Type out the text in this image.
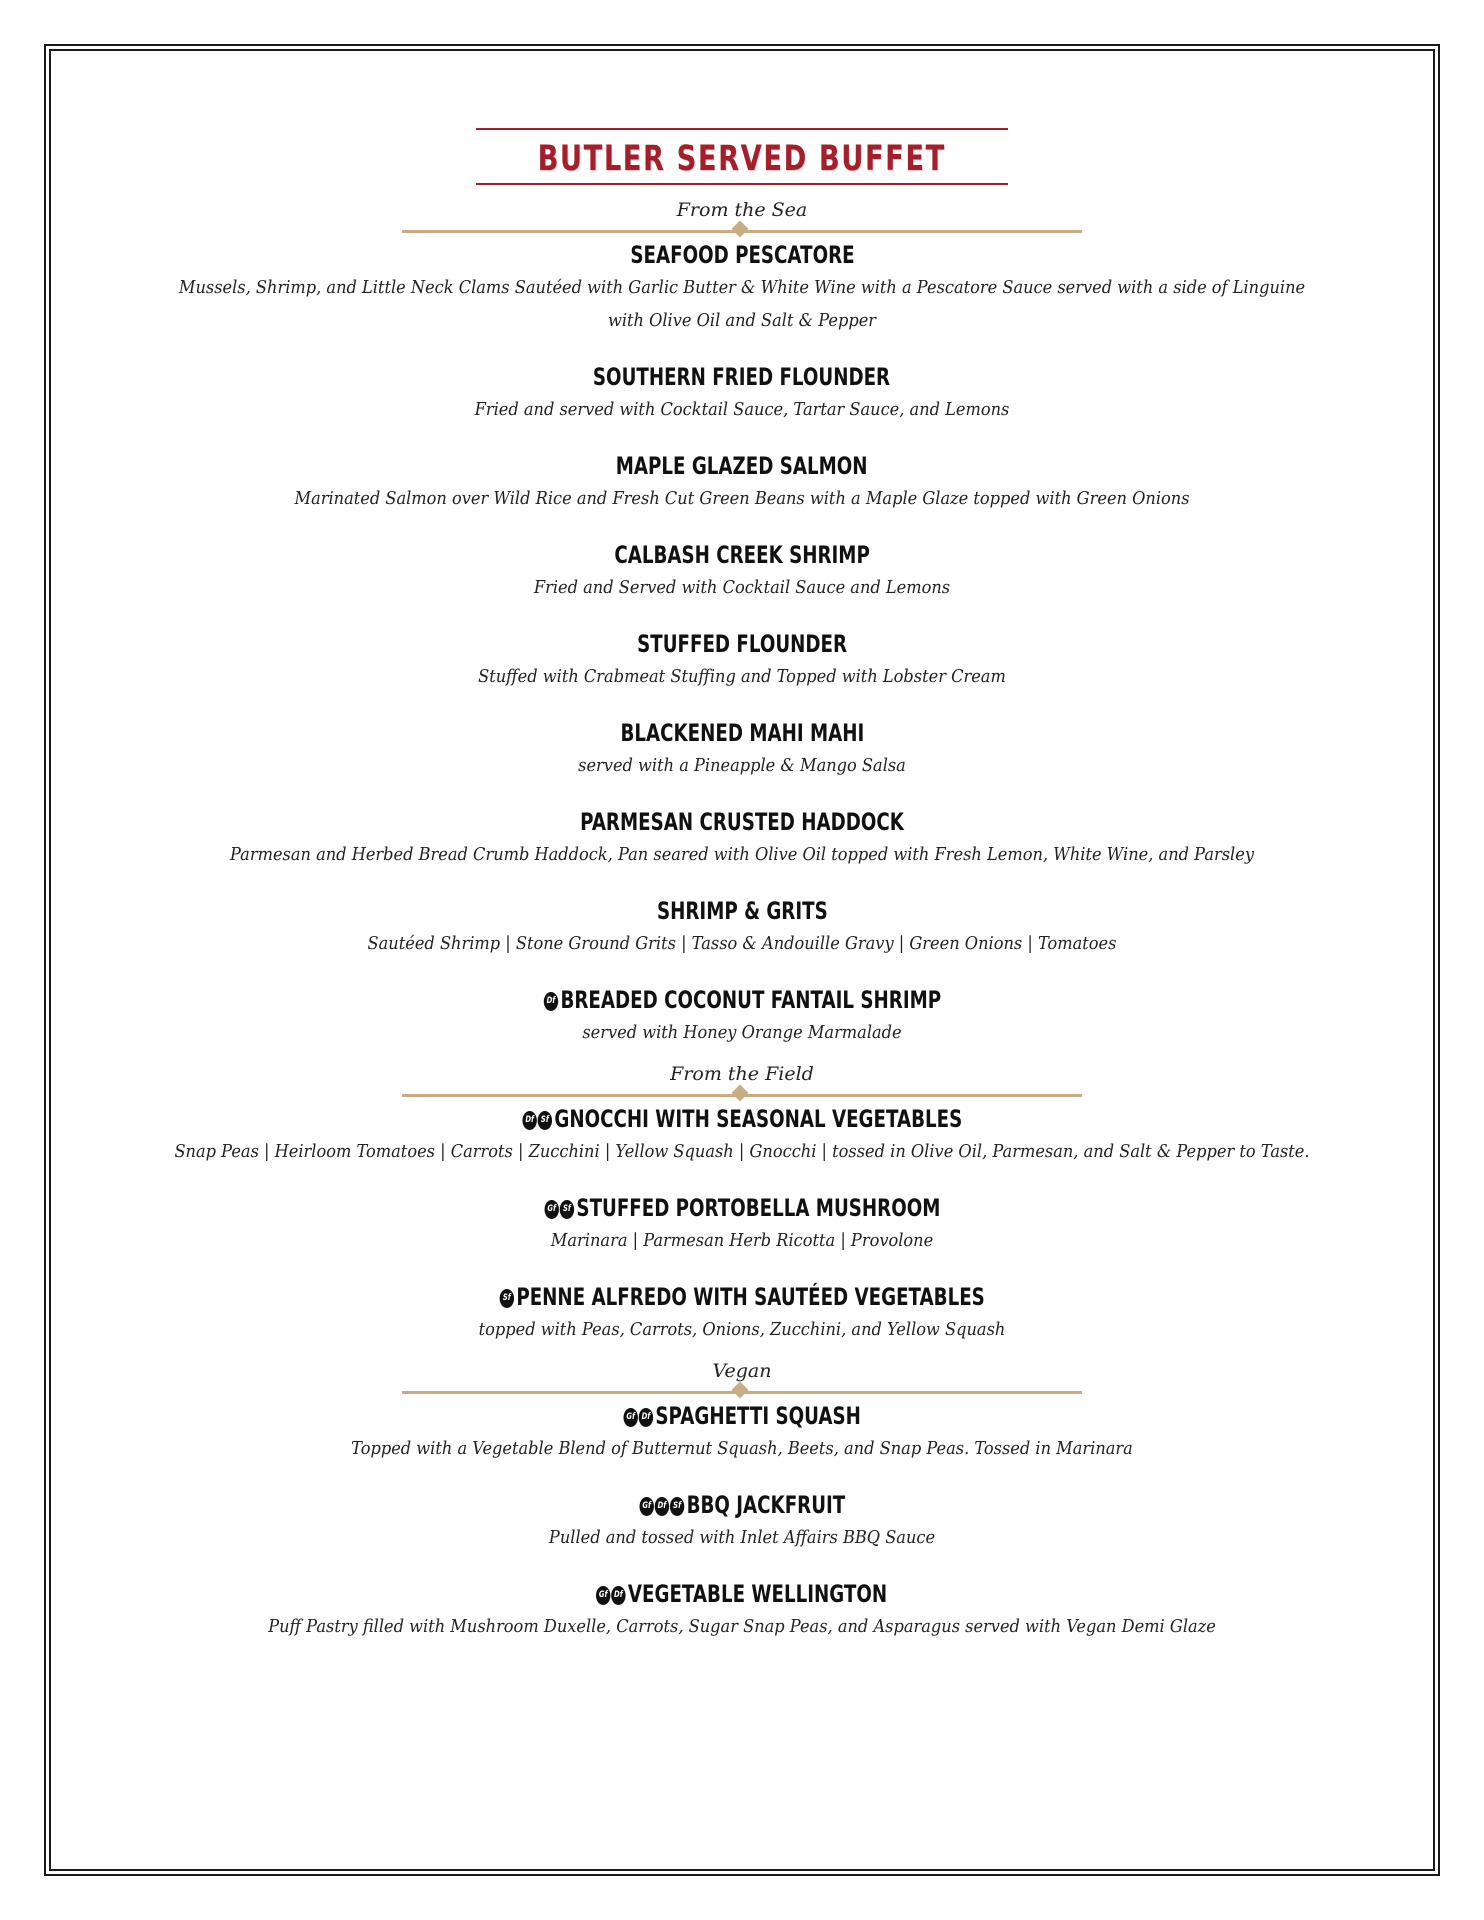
BUTLER SERVED BUFFET
From the Sea
SEAFOOD PESCATORE
Mussels, Shrimp, and Little Neck Clams Sautéed with Garlic Butter & White Wine with a Pescatore Sauce served with a side of Linguine
with Olive Oil and Salt & Pepper
SOUTHERN FRIED FLOUNDER
Fried and served with Cocktail Sauce, Tartar Sauce, and Lemons
MAPLE GLAZED SALMON
Marinated Salmon over Wild Rice and Fresh Cut Green Beans with a Maple Glaze topped with Green Onions
CALBASH CREEK SHRIMP
Fried and Served with Cocktail Sauce and Lemons
STUFFED FLOUNDER
Stuffed with Crabmeat Stuffing and Topped with Lobster Cream
BLACKENED MAHI MAHI
served with a Pineapple & Mango Salsa
PARMESAN CRUSTED HADDOCK
Parmesan and Herbed Bread Crumb Haddock, Pan seared with Olive Oil topped with Fresh Lemon, White Wine, and Parsley
SHRIMP & GRITS
Sautéed Shrimp | Stone Ground Grits | Tasso & Andouille Gravy | Green Onions | Tomatoes
Df BREADED COCONUT FANTAIL SHRIMP
served with Honey Orange Marmalade
From the Field
Df Sf GNOCCHI WITH SEASONAL VEGETABLES
Snap Peas | Heirloom Tomatoes | Carrots | Zucchini | Yellow Squash | Gnocchi | tossed in Olive Oil, Parmesan, and Salt & Pepper to Taste.
Gf Sf STUFFED PORTOBELLA MUSHROOM
Marinara | Parmesan Herb Ricotta | Provolone
Sf PENNE ALFREDO WITH SAUTÉED VEGETABLES
topped with Peas, Carrots, Onions, Zucchini, and Yellow Squash
Vegan
Gf Df SPAGHETTI SQUASH
Topped with a Vegetable Blend of Butternut Squash, Beets, and Snap Peas. Tossed in Marinara
Gf Df Sf BBQ JACKFRUIT
Pulled and tossed with Inlet Affairs BBQ Sauce
Gf Df VEGETABLE WELLINGTON
Puff Pastry filled with Mushroom Duxelle, Carrots, Sugar Snap Peas, and Asparagus served with Vegan Demi Glaze
